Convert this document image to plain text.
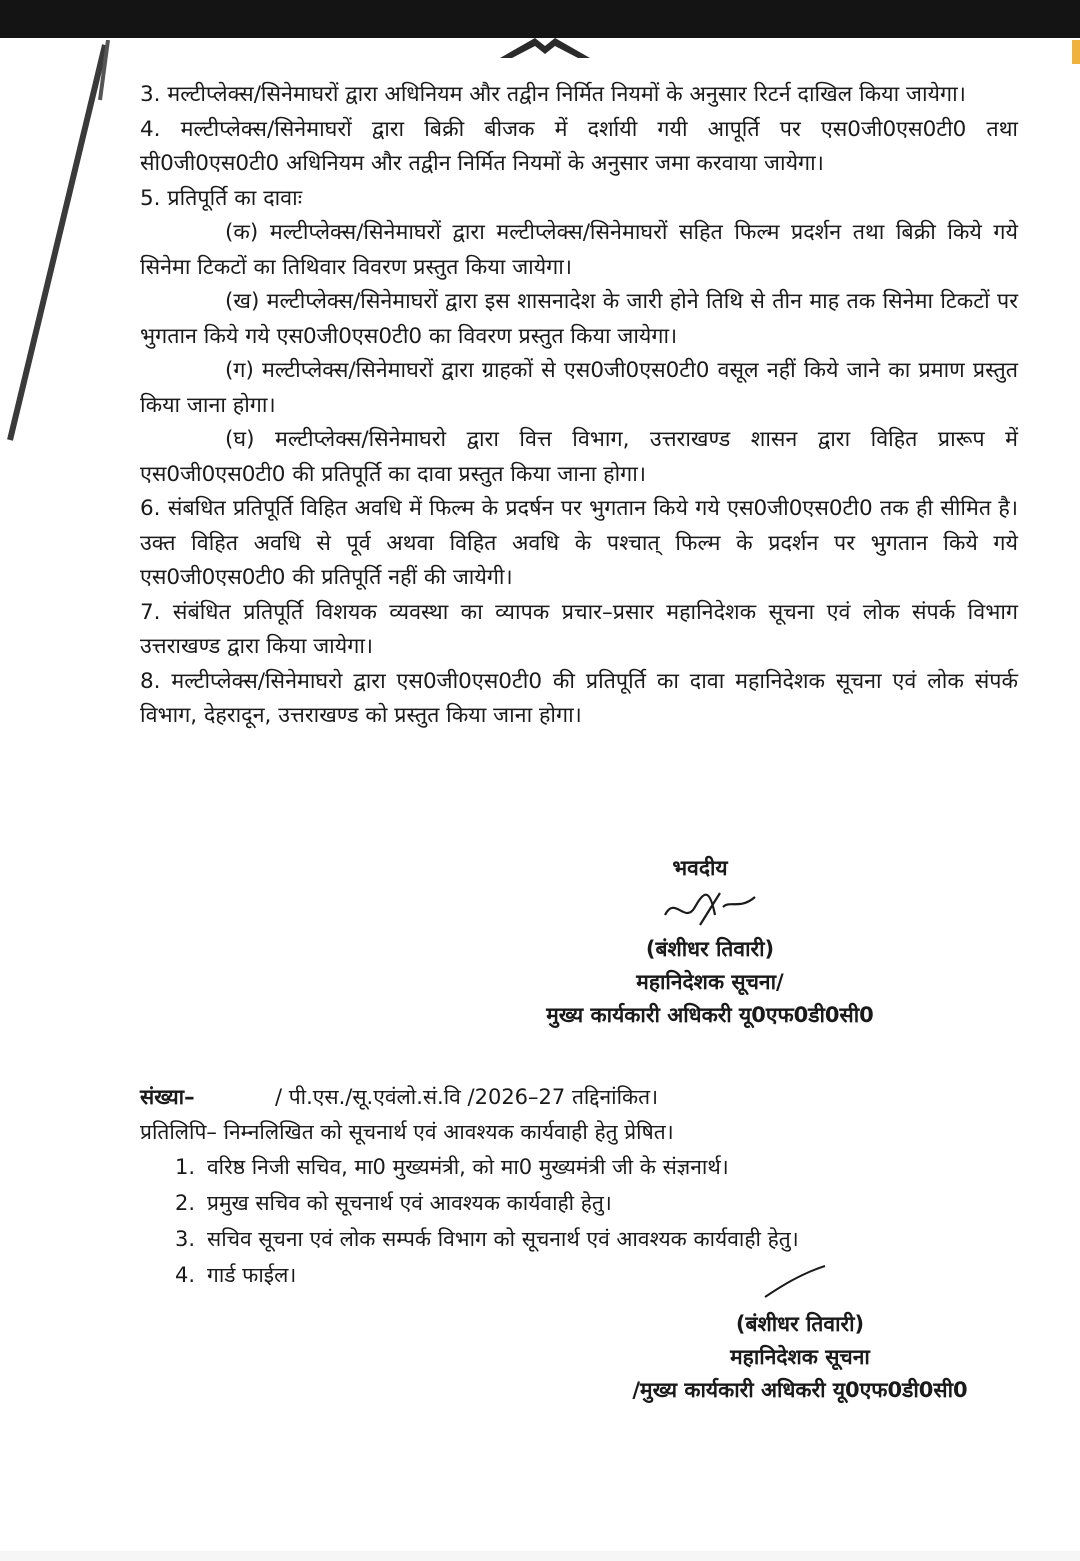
3. मल्टीप्लेक्स/सिनेमाघरों द्वारा अधिनियम और तद्वीन निर्मित नियमों के अनुसार रिटर्न दाखिल किया जायेगा।

4. मल्टीप्लेक्स/सिनेमाघरों द्वारा बिक्री बीजक में दर्शायी गयी आपूर्ति पर एस0जी0एस0टी0 तथा सी0जी0एस0टी0 अधिनियम और तद्वीन निर्मित नियमों के अनुसार जमा करवाया जायेगा।

5. प्रतिपूर्ति का दावाः

(क) मल्टीप्लेक्स/सिनेमाघरों द्वारा मल्टीप्लेक्स/सिनेमाघरों सहित फिल्म प्रदर्शन तथा बिक्री किये गये सिनेमा टिकटों का तिथिवार विवरण प्रस्तुत किया जायेगा।

(ख) मल्टीप्लेक्स/सिनेमाघरों द्वारा इस शासनादेश के जारी होने तिथि से तीन माह तक सिनेमा टिकटों पर भुगतान किये गये एस0जी0एस0टी0 का विवरण प्रस्तुत किया जायेगा।

(ग) मल्टीप्लेक्स/सिनेमाघरों द्वारा ग्राहकों से एस0जी0एस0टी0 वसूल नहीं किये जाने का प्रमाण प्रस्तुत किया जाना होगा।

(घ) मल्टीप्लेक्स/सिनेमाघरो द्वारा वित्त विभाग, उत्तराखण्ड शासन द्वारा विहित प्रारूप में एस0जी0एस0टी0 की प्रतिपूर्ति का दावा प्रस्तुत किया जाना होगा।

6. संबधित प्रतिपूर्ति विहित अवधि में फिल्म के प्रदर्षन पर भुगतान किये गये एस0जी0एस0टी0 तक ही सीमित है। उक्त विहित अवधि से पूर्व अथवा विहित अवधि के पश्चात् फिल्म के प्रदर्शन पर भुगतान किये गये एस0जी0एस0टी0 की प्रतिपूर्ति नहीं की जायेगी।

7. संबंधित प्रतिपूर्ति विशयक व्यवस्था का व्यापक प्रचार–प्रसार महानिदेशक सूचना एवं लोक संपर्क विभाग उत्तराखण्ड द्वारा किया जायेगा।

8. मल्टीप्लेक्स/सिनेमाघरो द्वारा एस0जी0एस0टी0 की प्रतिपूर्ति का दावा महानिदेशक सूचना एवं लोक संपर्क विभाग, देहरादून, उत्तराखण्ड को प्रस्तुत किया जाना होगा।

भवदीय

(बंशीधर तिवारी)

महानिदेशक सूचना/

मुख्य कार्यकारी अधिकरी यू0एफ0डी0सी0

संख्या–	/ पी.एस./सू.एवंलो.सं.वि /2026–27 तद्दिनांकित।

प्रतिलिपि– निम्नलिखित को सूचनार्थ एवं आवश्यक कार्यवाही हेतु प्रेषित।

1. वरिष्ठ निजी सचिव, मा0 मुख्यमंत्री, को मा0 मुख्यमंत्री जी के संज्ञनार्थ।
2. प्रमुख सचिव को सूचनार्थ एवं आवश्यक कार्यवाही हेतु।
3. सचिव सूचना एवं लोक सम्पर्क विभाग को सूचनार्थ एवं आवश्यक कार्यवाही हेतु।
4. गार्ड फाईल।

(बंशीधर तिवारी)

महानिदेशक सूचना

/मुख्य कार्यकारी अधिकरी यू0एफ0डी0सी0
